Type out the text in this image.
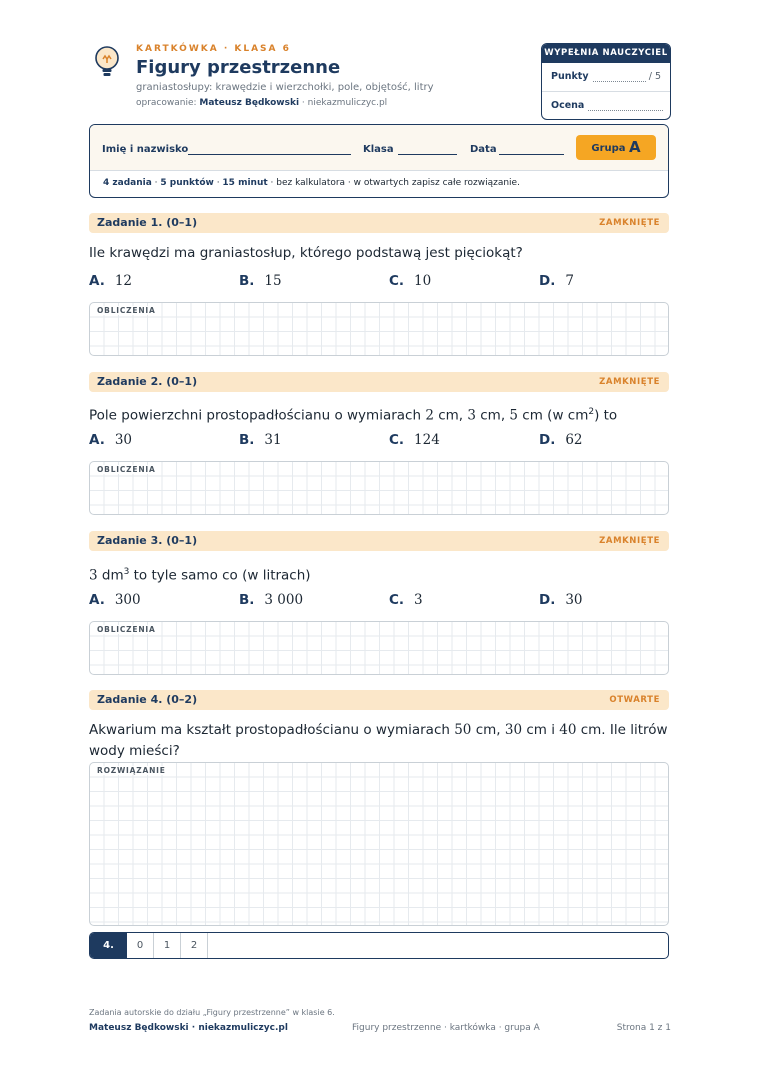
KARTKÓWKA · KLASA 6
Figury przestrzenne
graniastosłupy: krawędzie i wierzchołki, pole, objętość, litry
opracowanie: Mateusz Będkowski · niekazmuliczyc.pl
WYPEŁNIA NAUCZYCIEL
Punkty	/ 5
Ocena
Imię i nazwisko	Klasa	Data	Grupa A
4 zadania · 5 punktów · 15 minut · bez kalkulatora · w otwartych zapisz całe rozwiązanie.
Zadanie 1. (0–1)	ZAMKNIĘTE
Ile krawędzi ma graniastosłup, którego podstawą jest pięciokąt?
A. 12	B. 15	C. 10	D. 7
OBLICZENIA
Zadanie 2. (0–1)	ZAMKNIĘTE
Pole powierzchni prostopadłościanu o wymiarach 2 cm, 3 cm, 5 cm (w $cm^2$) to
A. 30	B. 31	C. 124	D. 62
OBLICZENIA
Zadanie 3. (0–1)	ZAMKNIĘTE
3 $dm^3$ to tyle samo co (w litrach)
A. 300	B. 3 000	C. 3	D. 30
OBLICZENIA
Zadanie 4. (0–2)	OTWARTE
Akwarium ma kształt prostopadłościanu o wymiarach 50 cm, 30 cm i 40 cm. Ile litrów wody mieści?
ROZWIĄZANIE
4.	0	1	2
Zadania autorskie do działu „Figury przestrzenne” w klasie 6.
Mateusz Będkowski · niekazmuliczyc.pl	Figury przestrzenne · kartkówka · grupa A	Strona 1 z 1
